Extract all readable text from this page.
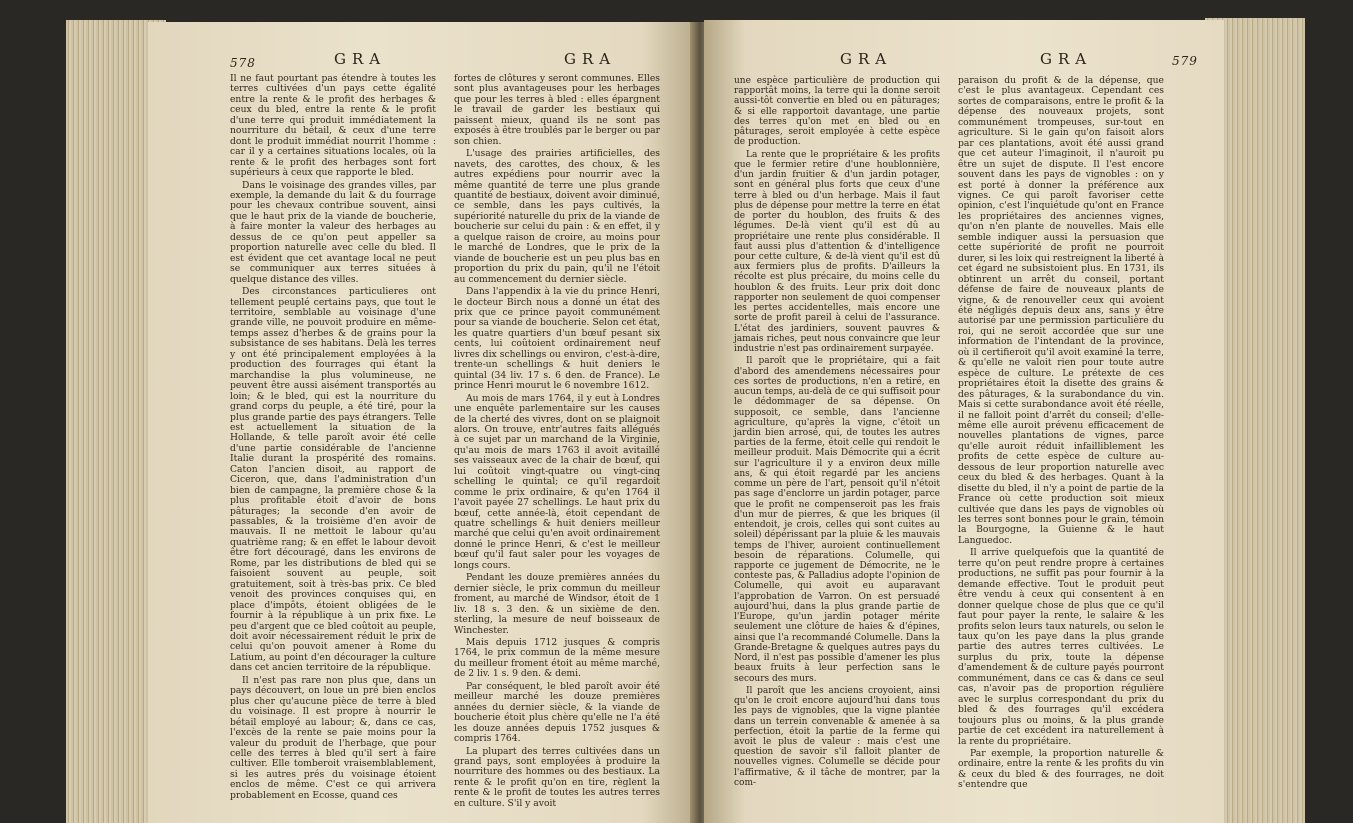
578	GRA	GRA

Il ne faut pourtant pas étendre à toutes les terres cultivées d'un pays cette égalité entre la rente & le profit des herbages & ceux du bled, entre la rente & le profit d'une terre qui produit immédiatement la nourriture du bétail, & ceux d'une terre dont le produit immédiat nourrit l'homme : car il y a certaines situations locales, où la rente & le profit des herbages sont fort supérieurs à ceux que rapporte le bled.

Dans le voisinage des grandes villes, par exemple, la demande du lait & du fourrage pour les chevaux contribue souvent, ainsi que le haut prix de la viande de boucherie, à faire monter la valeur des herbages au dessus de ce qu'on peut appeller sa proportion naturelle avec celle du bled. Il est évident que cet avantage local ne peut se communiquer aux terres situées à quelque distance des villes.

Des circonstances particulieres ont tellement peuplé certains pays, que tout le territoire, semblable au voisinage d'une grande ville, ne pouvoit produire en même-temps assez d'herbes & de grains pour la subsistance de ses habitans. Delà les terres y ont été principalement employées à la production des fourrages qui étant la marchandise la plus volumineuse, ne peuvent être aussi aisément transportés au loin; & le bled, qui est la nourriture du grand corps du peuple, a été tiré, pour la plus grande partie des pays étrangers. Telle est actuellement la situation de la Hollande, & telle paroît avoir été celle d'une partie considérable de l'ancienne Italie durant la prospérité des romains. Caton l'ancien disoit, au rapport de Ciceron, que, dans l'administration d'un bien de campagne, la première chose & la plus profitable étoit d'avoir de bons pâturages; la seconde d'en avoir de passables, & la troisième d'en avoir de mauvais. Il ne mettoit le labour qu'au quatrième rang; & en effet le labour devoit être fort découragé, dans les environs de Rome, par les distributions de bled qui se faisoient souvent au peuple, soit gratuitement, soit à très-bas prix. Ce bled venoit des provinces conquises qui, en place d'impôts, étoient obligées de le fournir à la république à un prix fixe. Le peu d'argent que ce bled coûtoit au peuple, doit avoir nécessairement réduit le prix de celui qu'on pouvoit amener à Rome du Latium, au point d'en décourager la culture dans cet ancien territoire de la république.

Il n'est pas rare non plus que, dans un pays découvert, on loue un pré bien enclos plus cher qu'aucune pièce de terre à bled du voisinage. Il est propre à nourrir le bétail employé au labour; &, dans ce cas, l'excès de la rente se paie moins pour la valeur du produit de l'herbage, que pour celle des terres à bled qu'il sert à faire cultiver. Elle tomberoit vraisemblablement, si les autres prés du voisinage étoient enclos de même. C'est ce qui arrivera probablement en Ecosse, quand ces

fortes de clôtures y seront communes. Elles sont plus avantageuses pour les herbages que pour les terres à bled : elles épargnent le travail de garder les bestiaux qui paissent mieux, quand ils ne sont pas exposés à être troublés par le berger ou par son chien.

L'usage des prairies artificielles, des navets, des carottes, des choux, & les autres expédiens pour nourrir avec la même quantité de terre une plus grande quantité de bestiaux, doivent avoir diminué, ce semble, dans les pays cultivés, la supériorité naturelle du prix de la viande de boucherie sur celui du pain : & en effet, il y a quelque raison de croire, au moins pour le marché de Londres, que le prix de la viande de boucherie est un peu plus bas en proportion du prix du pain, qu'il ne l'étoit au commencement du dernier siècle.

Dans l'appendix à la vie du prince Henri, le docteur Birch nous a donné un état des prix que ce prince payoit communément pour sa viande de boucherie. Selon cet état, les quatre quartiers d'un bœuf pesant six cents, lui coûtoient ordinairement neuf livres dix schellings ou environ, c'est-à-dire, trente-un schellings & huit deniers le quintal (34 liv. 17 s. 6 den. de France). Le prince Henri mourut le 6 novembre 1612.

Au mois de mars 1764, il y eut à Londres une enquête parlementaire sur les causes de la cherté des vivres, dont on se plaignoit alors. On trouve, entr'autres faits allégués à ce sujet par un marchand de la Virginie, qu'au mois de mars 1763 il avoit avitaillé ses vaisseaux avec de la chair de bœuf, qui lui coûtoit vingt-quatre ou vingt-cinq schelling le quintal; ce qu'il regardoit comme le prix ordinaire, & qu'en 1764 il l'avoit payée 27 schellings. Le haut prix du bœuf, cette année-là, étoit cependant de quatre schellings & huit deniers meilleur marché que celui qu'en avoit ordinairement donné le prince Henri, & c'est le meilleur bœuf qu'il faut saler pour les voyages de longs cours.

Pendant les douze premières années du dernier siècle, le prix commun du meilleur froment, au marché de Windsor, étoit de 1 liv. 18 s. 3 den. & un sixième de den. sterling, la mesure de neuf boisseaux de Winchester.

Mais depuis 1712 jusques & compris 1764, le prix commun de la même mesure du meilleur froment étoit au même marché, de 2 liv. 1 s. 9 den. & demi.

Par conséquent, le bled paroît avoir été meilleur marché les douze premières années du dernier siècle, & la viande de boucherie étoit plus chère qu'elle ne l'a été les douze années depuis 1752 jusques & compris 1764.

La plupart des terres cultivées dans un grand pays, sont employées à produire la nourriture des hommes ou des bestiaux. La rente & le profit qu'on en tire, règlent la rente & le profit de toutes les autres terres en culture. S'il y avoit

GRA	GRA	579

une espèce particulière de production qui rapportât moins, la terre qui la donne seroit aussi-tôt convertie en bled ou en pâturages; & si elle rapportoit davantage, une partie des terres qu'on met en bled ou en pâturages, seroit employée à cette espèce de production.

La rente que le propriétaire & les profits que le fermier retire d'une houblonnière, d'un jardin fruitier & d'un jardin potager, sont en général plus forts que ceux d'une terre à bled ou d'un herbage. Mais il faut plus de dépense pour mettre la terre en état de porter du houblon, des fruits & des légumes. De-là vient qu'il est dû au propriétaire une rente plus considérable. Il faut aussi plus d'attention & d'intelligence pour cette culture, & de-là vient qu'il est dû aux fermiers plus de profits. D'ailleurs la récolte est plus précaire, du moins celle du houblon & des fruits. Leur prix doit donc rapporter non seulement de quoi compenser les pertes accidentelles, mais encore une sorte de profit pareil à celui de l'assurance. L'état des jardiniers, souvent pauvres & jamais riches, peut nous convaincre que leur industrie n'est pas ordinairement surpayée.

Il paroît que le propriétaire, qui a fait d'abord des amendemens nécessaires pour ces sortes de productions, n'en a retiré, en aucun temps, au-delà de ce qui suffisoit pour le dédommager de sa dépense. On supposoit, ce semble, dans l'ancienne agriculture, qu'après la vigne, c'étoit un jardin bien arrosé, qui, de toutes les autres parties de la ferme, étoit celle qui rendoit le meilleur produit. Mais Démocrite qui a écrit sur l'agriculture il y a environ deux mille ans, & qui étoit regardé par les anciens comme un père de l'art, pensoit qu'il n'étoit pas sage d'enclorre un jardin potager, parce que le profit ne compenseroit pas les frais d'un mur de pierres, & que les briques (il entendoit, je crois, celles qui sont cuites au soleil) dépérissant par la pluie & les mauvais temps de l'hiver, auroient continuellement besoin de réparations. Columelle, qui rapporte ce jugement de Démocrite, ne le conteste pas, & Palladius adopte l'opinion de Columelle, qui avoit eu auparavant l'approbation de Varron. On est persuadé aujourd'hui, dans la plus grande partie de l'Europe, qu'un jardin potager mérite seulement une clôture de haies & d'épines, ainsi que l'a recommandé Columelle. Dans la Grande-Bretagne & quelques autres pays du Nord, il n'est pas possible d'amener les plus beaux fruits à leur perfection sans le secours des murs.

Il paroît que les anciens croyoient, ainsi qu'on le croit encore aujourd'hui dans tous les pays de vignobles, que la vigne plantée dans un terrein convenable & amenée à sa perfection, étoit la partie de la ferme qui avoit le plus de valeur : mais c'est une question de savoir s'il falloit planter de nouvelles vignes. Columelle se décide pour l'affirmative, & il tâche de montrer, par la com-

paraison du profit & de la dépense, que c'est le plus avantageux. Cependant ces sortes de comparaisons, entre le profit & la dépense des nouveaux projets, sont communément trompeuses, sur-tout en agriculture. Si le gain qu'on faisoit alors par ces plantations, avoit été aussi grand que cet auteur l'imaginoit, il n'auroit pu être un sujet de dispute. Il l'est encore souvent dans les pays de vignobles : on y est porté à donner la préférence aux vignes. Ce qui paroît favoriser cette opinion, c'est l'inquiétude qu'ont en France les propriétaires des anciennes vignes, qu'on n'en plante de nouvelles. Mais elle semble indiquer aussi la persuasion que cette supériorité de profit ne pourroit durer, si les loix qui restreignent la liberté à cet égard ne subsistoient plus. En 1731, ils obtinrent un arrêt du conseil, portant défense de faire de nouveaux plants de vigne, & de renouveller ceux qui avoient été négligés depuis deux ans, sans y être autorisé par une permission particulière du roi, qui ne seroit accordée que sur une information de l'intendant de la province, où il certifieroit qu'il avoit examiné la terre, & qu'elle ne valoit rien pour toute autre espèce de culture. Le prétexte de ces propriétaires étoit la disette des grains & des pâturages, & la surabondance du vin. Mais si cette surabondance avoit été réelle, il ne falloit point d'arrêt du conseil; d'elle-même elle auroit prévenu efficacement de nouvelles plantations de vignes, parce qu'elle auroit réduit infailliblement les profits de cette espèce de culture au-dessous de leur proportion naturelle avec ceux du bled & des herbages. Quant à la disette du bled, il n'y a point de partie de la France où cette production soit mieux cultivée que dans les pays de vignobles où les terres sont bonnes pour le grain, témoin la Bourgogne, la Guienne & le haut Languedoc.

Il arrive quelquefois que la quantité de terre qu'on peut rendre propre à certaines productions, ne suffit pas pour fournir à la demande effective. Tout le produit peut être vendu à ceux qui consentent à en donner quelque chose de plus que ce qu'il faut pour payer la rente, le salaire & les profits selon leurs taux naturels, ou selon le taux qu'on les paye dans la plus grande partie des autres terres cultivées. Le surplus du prix, toute la dépense d'amendement & de culture payés pourront communément, dans ce cas & dans ce seul cas, n'avoir pas de proportion régulière avec le surplus correspondant du prix du bled & des fourrages qu'il excédera toujours plus ou moins, & la plus grande partie de cet excédent ira naturellement à la rente du propriétaire.

Par exemple, la proportion naturelle & ordinaire, entre la rente & les profits du vin & ceux du bled & des fourrages, ne doit s'entendre que
